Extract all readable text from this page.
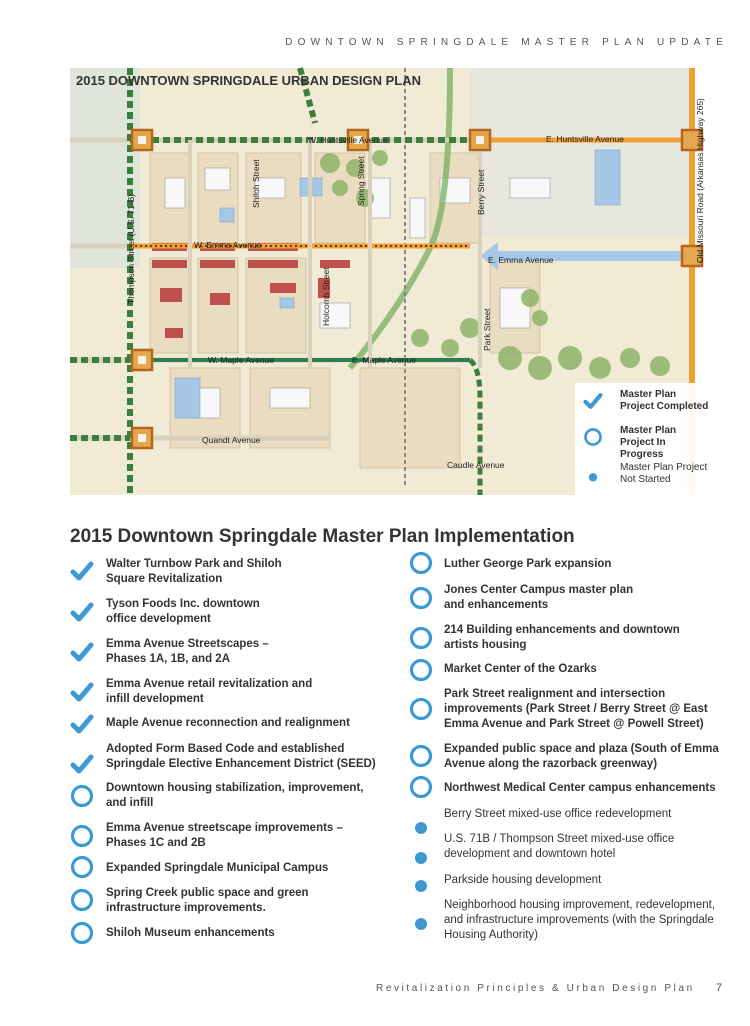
DOWNTOWN SPRINGDALE MASTER PLAN UPDATE
2015 DOWNTOWN SPRINGDALE URBAN DESIGN PLAN
W. Huntsville Avenue	E. Huntsville Avenue
W. Emma Avenue
E. Emma Avenue
W. Maple Avenue	E. Maple Avenue
Quandt Avenue
Caudle Avenue
Thompson Street (U.S. 71-B)
Shiloh Street	Spring Street
Holcomb Street
Berry Street
Park Street
Old Missouri Road (Arkansas Highway 265)
Master Plan Project Completed
Master Plan Project In Progress
Master Plan Project Not Started
2015 Downtown Springdale Master Plan Implementation
Walter Turnbow Park and Shiloh
Square Revitalization
Tyson Foods Inc. downtown
office development
Emma Avenue Streetscapes –
Phases 1A, 1B, and 2A
Emma Avenue retail revitalization and
infill development
Maple Avenue reconnection and realignment
Adopted Form Based Code and established
Springdale Elective Enhancement District (SEED)
Downtown housing stabilization, improvement,
and infill
Emma Avenue streetscape improvements –
Phases 1C and 2B
Expanded Springdale Municipal Campus
Spring Creek public space and green
infrastructure improvements.
Shiloh Museum enhancements
Luther George Park expansion
Jones Center Campus master plan
and enhancements
214 Building enhancements and downtown
artists housing
Market Center of the Ozarks
Park Street realignment and intersection
improvements (Park Street / Berry Street @ East
Emma Avenue and Park Street @ Powell Street)
Expanded public space and plaza (South of Emma
Avenue along the razorback greenway)
Northwest Medical Center campus enhancements
Berry Street mixed-use office redevelopment
U.S. 71B / Thompson Street mixed-use office
development and downtown hotel
Parkside housing development
Neighborhood housing improvement, redevelopment,
and infrastructure improvements (with the Springdale
Housing Authority)
Revitalization Principles & Urban Design Plan 7
